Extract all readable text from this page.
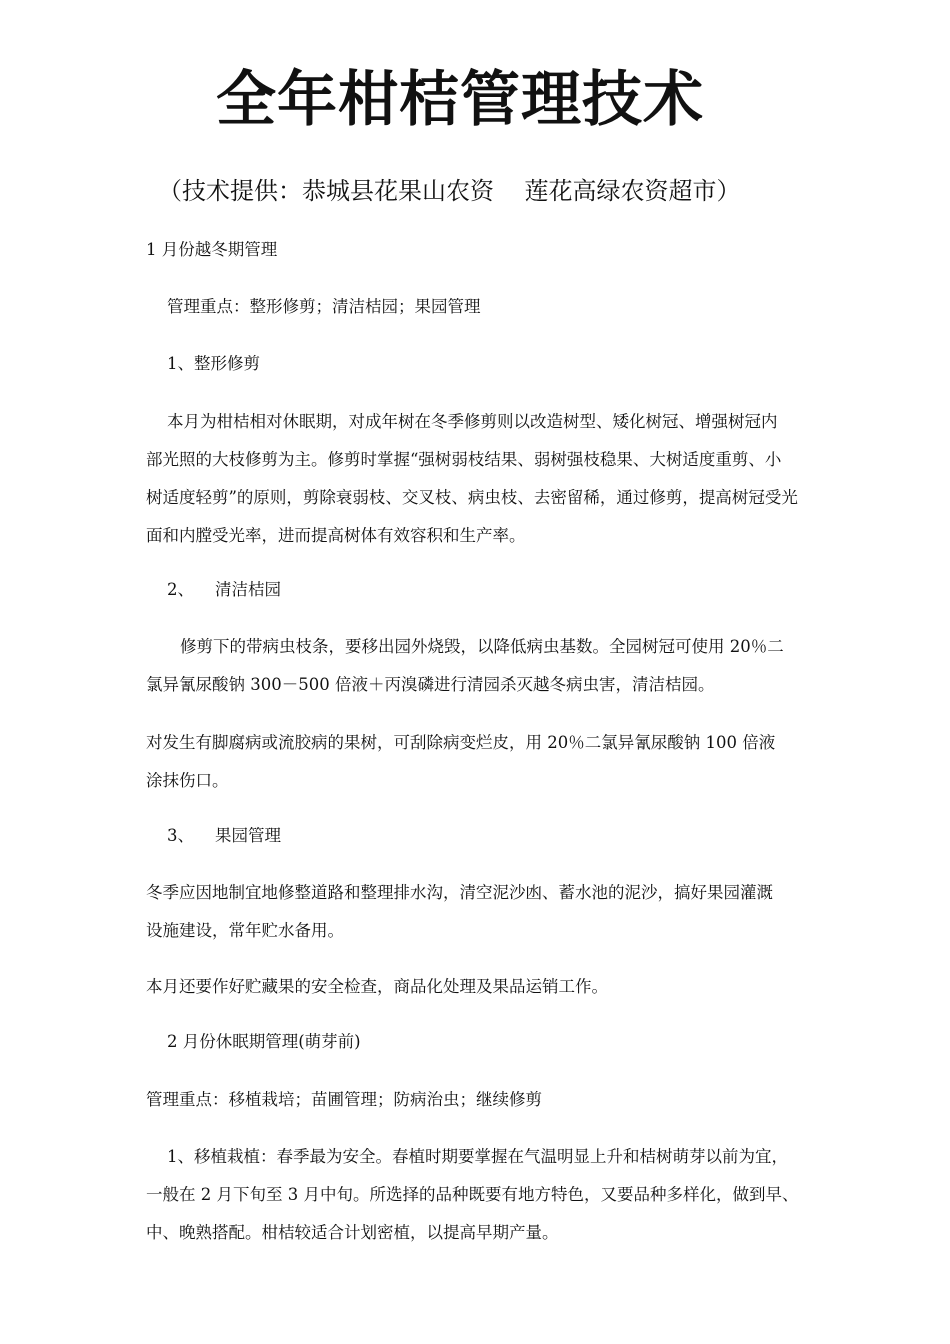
全年柑桔管理技术
（技术提供：恭城县花果山农资    莲花高绿农资超市）
1 月份越冬期管理
管理重点：整形修剪；清洁桔园；果园管理
1、整形修剪
本月为柑桔相对休眠期，对成年树在冬季修剪则以改造树型、矮化树冠、增强树冠内
部光照的大枝修剪为主。修剪时掌握“强树弱枝结果、弱树强枝稳果、大树适度重剪、小
树适度轻剪”的原则，剪除衰弱枝、交叉枝、病虫枝、去密留稀，通过修剪，提高树冠受光
面和内膛受光率，进而提高树体有效容积和生产率。
2、    清洁桔园
修剪下的带病虫枝条，要移出园外烧毁，以降低病虫基数。全园树冠可使用 20％二
氯异氰尿酸钠 300－500 倍液＋丙溴磷进行清园杀灭越冬病虫害，清洁桔园。
对发生有脚腐病或流胶病的果树，可刮除病变烂皮，用 20％二氯异氰尿酸钠 100 倍液
涂抹伤口。
3、    果园管理
冬季应因地制宜地修整道路和整理排水沟，清空泥沙凼、蓄水池的泥沙，搞好果园灌溉
设施建设，常年贮水备用。
本月还要作好贮藏果的安全检查，商品化处理及果品运销工作。
2 月份休眠期管理(萌芽前)
管理重点：移植栽培；苗圃管理；防病治虫；继续修剪
1、移植栽植：春季最为安全。春植时期要掌握在气温明显上升和桔树萌芽以前为宜，
一般在 2 月下旬至 3 月中旬。所选择的品种既要有地方特色，又要品种多样化，做到早、
中、晚熟搭配。柑桔较适合计划密植，以提高早期产量。
